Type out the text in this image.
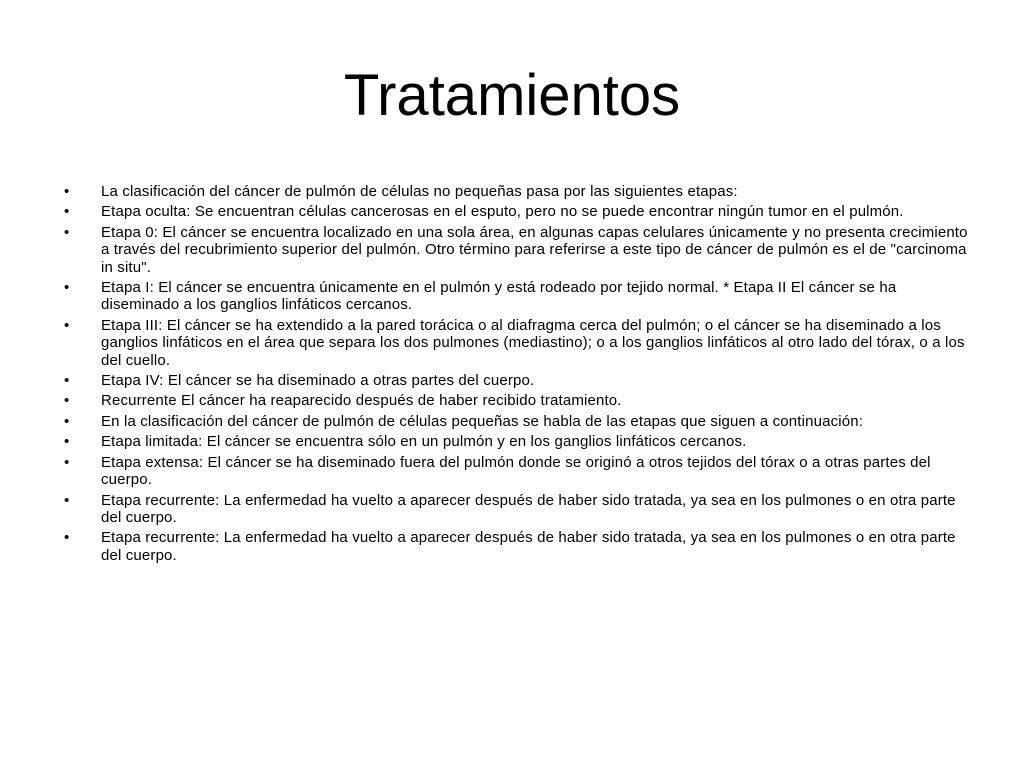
Tratamientos
•	La clasificación del cáncer de pulmón de células no pequeñas pasa por las siguientes etapas:
•	Etapa oculta: Se encuentran células cancerosas en el esputo, pero no se puede encontrar ningún tumor en el pulmón.
•	Etapa 0: El cáncer se encuentra localizado en una sola área, en algunas capas celulares únicamente y no presenta crecimiento a través del recubrimiento superior del pulmón. Otro término para referirse a este tipo de cáncer de pulmón es el de "carcinoma in situ".
•	Etapa I: El cáncer se encuentra únicamente en el pulmón y está rodeado por tejido normal. * Etapa II El cáncer se ha diseminado a los ganglios linfáticos cercanos.
•	Etapa III: El cáncer se ha extendido a la pared torácica o al diafragma cerca del pulmón; o el cáncer se ha diseminado a los ganglios linfáticos en el área que separa los dos pulmones (mediastino); o a los ganglios linfáticos al otro lado del tórax, o a los del cuello.
•	Etapa IV: El cáncer se ha diseminado a otras partes del cuerpo.
•	Recurrente El cáncer ha reaparecido después de haber recibido tratamiento.
•	En la clasificación del cáncer de pulmón de células pequeñas se habla de las etapas que siguen a continuación:
•	Etapa limitada: El cáncer se encuentra sólo en un pulmón y en los ganglios linfáticos cercanos.
•	Etapa extensa: El cáncer se ha diseminado fuera del pulmón donde se originó a otros tejidos del tórax o a otras partes del cuerpo.
•	Etapa recurrente: La enfermedad ha vuelto a aparecer después de haber sido tratada, ya sea en los pulmones o en otra parte del cuerpo.
•	Etapa recurrente: La enfermedad ha vuelto a aparecer después de haber sido tratada, ya sea en los pulmones o en otra parte del cuerpo.
